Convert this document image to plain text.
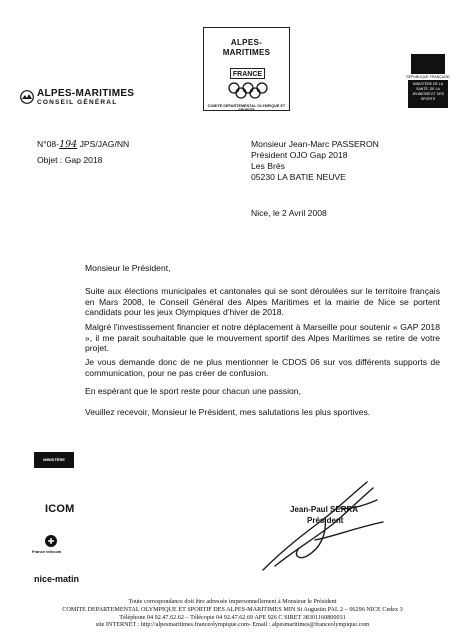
ALPES-MARITIMES
CONSEIL GÉNÉRAL
ALPES-
MARITIMES
FRANCE
COMITE DEPARTEMENTAL OLYMPIQUE ET SPORTIF
RÉPUBLIQUE FRANÇAISE
MINISTÈRE DE LA SANTÉ, DE LA JEUNESSE ET DES SPORTS
N°08-194 JPS/JAG/NN
Objet : Gap 2018
Monsieur Jean-Marc PASSERON
Président OJO Gap 2018
Les Brés
05230 LA BATIE NEUVE
Nice, le 2 Avril 2008
Monsieur le Président,
Suite aux élections municipales et cantonales qui se sont déroulées sur le territoire français en Mars 2008, le Conseil Général des Alpes Maritimes et la mairie de Nice se portent candidats pour les jeux Olympiques d'hiver de 2018.
Malgré l'investissement financier et notre déplacement à Marseille pour soutenir « GAP 2018 », il me parait souhaitable que le mouvement sportif des Alpes Maritimes se retire de votre projet.
Je vous demande donc de ne plus mentionner le CDOS 06 sur vos différents supports de communication, pour ne pas créer de confusion.
En espérant que le sport reste pour chacun une passion,
Veuillez recevoir, Monsieur le Président, mes salutations les plus sportives.
Jean-Paul SERRA
Président
MINISTÈRE
ICOM
France telecom
nice-matin
Toute correspondance doit être adressée impersonnellement à Monsieur le Président
COMITE DEPARTEMENTAL OLYMPIQUE ET SPORTIF DES ALPES-MARITIMES MIN St Augustin PAL 2 – 06296 NICE Cedex 3
Téléphone 04 92.47.62.62 – Télécopie 04 92.47.62.69 APE 926 C SIRET 38301160800031
site INTERNET : http://alpesmaritimes.franceolympique.com- Email : alpesmaritimes@franceolympique.com
